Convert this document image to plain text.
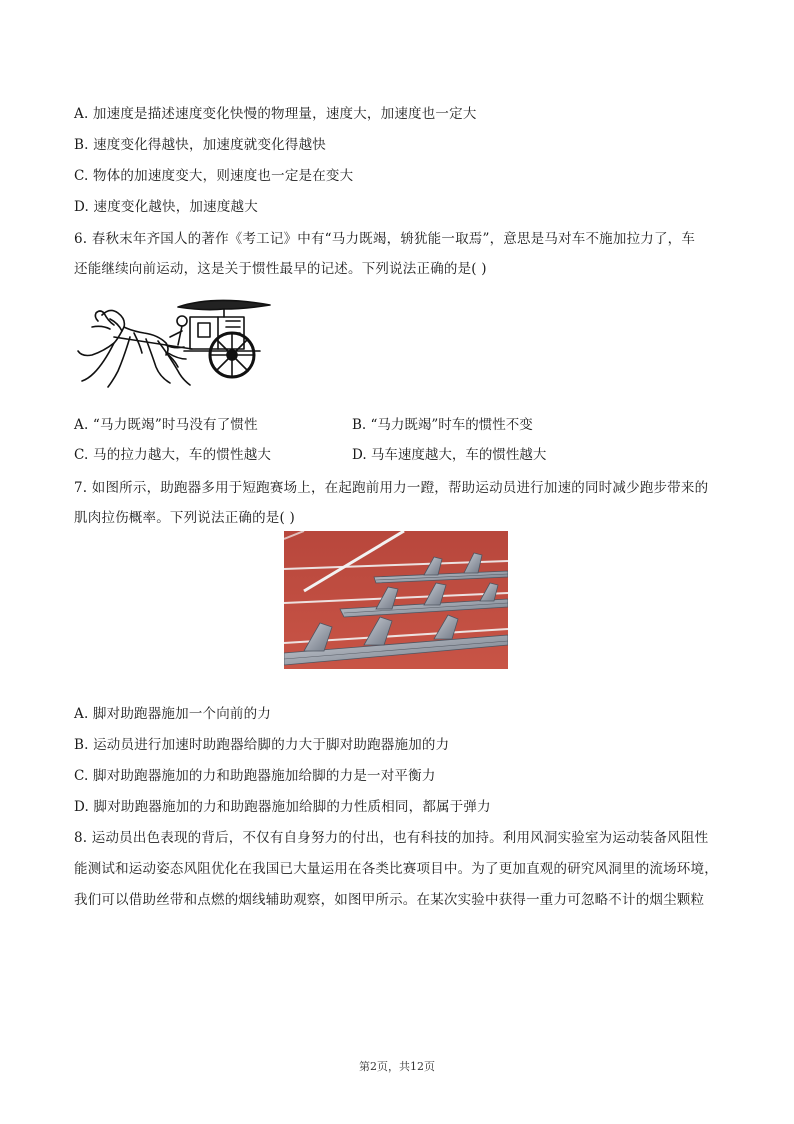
A. 加速度是描述速度变化快慢的物理量，速度大，加速度也一定大
B. 速度变化得越快，加速度就变化得越快
C. 物体的加速度变大，则速度也一定是在变大
D. 速度变化越快，加速度越大
6. 春秋末年齐国人的著作《考工记》中有“马力既竭，辀犹能一取焉”，意思是马对车不施加拉力了，车
还能继续向前运动，这是关于惯性最早的记述。下列说法正确的是( )
A. “马力既竭”时马没有了惯性	B. “马力既竭”时车的惯性不变
C. 马的拉力越大，车的惯性越大	D. 马车速度越大，车的惯性越大
7. 如图所示，助跑器多用于短跑赛场上，在起跑前用力一蹬，帮助运动员进行加速的同时减少跑步带来的
肌肉拉伤概率。下列说法正确的是( )
A. 脚对助跑器施加一个向前的力
B. 运动员进行加速时助跑器给脚的力大于脚对助跑器施加的力
C. 脚对助跑器施加的力和助跑器施加给脚的力是一对平衡力
D. 脚对助跑器施加的力和助跑器施加给脚的力性质相同，都属于弹力
8. 运动员出色表现的背后，不仅有自身努力的付出，也有科技的加持。利用风洞实验室为运动装备风阻性
能测试和运动姿态风阻优化在我国已大量运用在各类比赛项目中。为了更加直观的研究风洞里的流场环境，
我们可以借助丝带和点燃的烟线辅助观察，如图甲所示。在某次实验中获得一重力可忽略不计的烟尘颗粒
第2页，共12页
